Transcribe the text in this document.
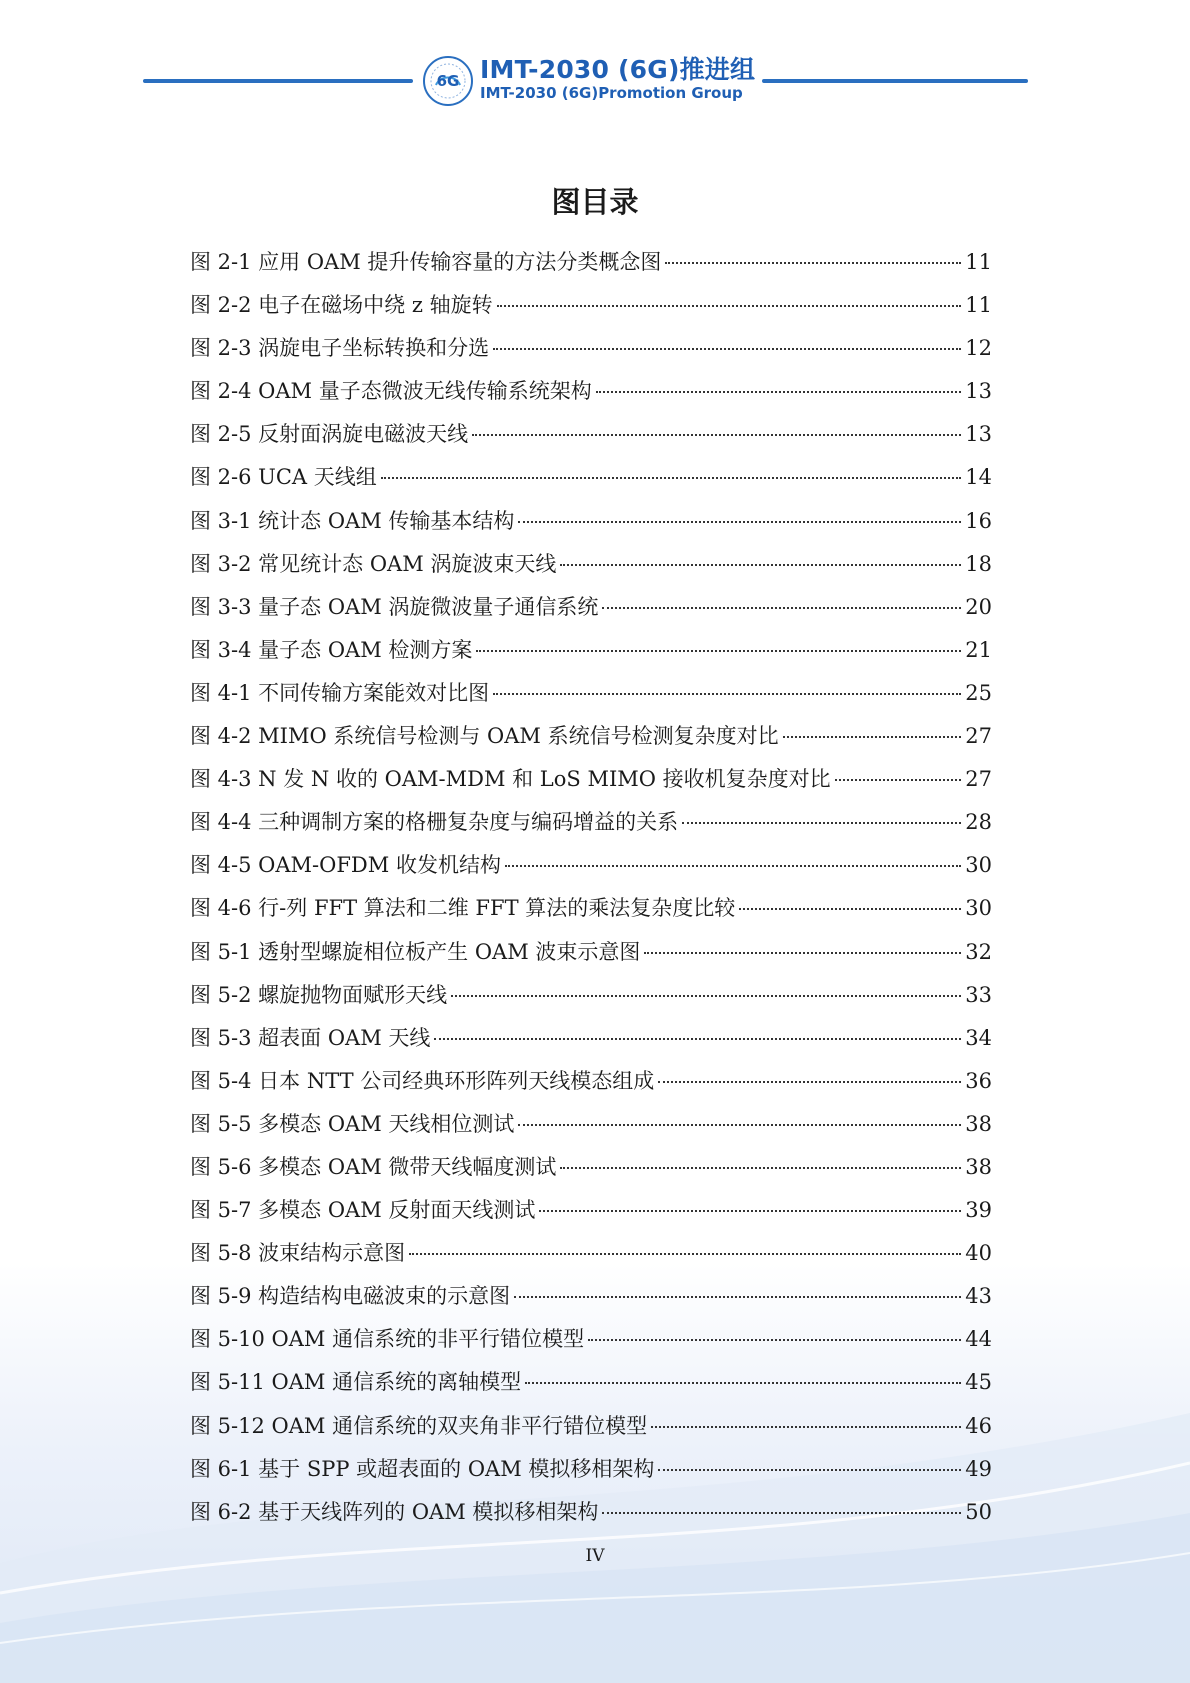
6G IMT-2030 (6G)推进组
IMT-2030 (6G)Promotion Group
图目录
图 2-1 应用 OAM 提升传输容量的方法分类概念图	11
图 2-2 电子在磁场中绕 z 轴旋转	11
图 2-3 涡旋电子坐标转换和分选	12
图 2-4 OAM 量子态微波无线传输系统架构	13
图 2-5 反射面涡旋电磁波天线	13
图 2-6 UCA 天线组	14
图 3-1 统计态 OAM 传输基本结构	16
图 3-2 常见统计态 OAM 涡旋波束天线	18
图 3-3 量子态 OAM 涡旋微波量子通信系统	20
图 3-4 量子态 OAM 检测方案	21
图 4-1 不同传输方案能效对比图	25
图 4-2 MIMO 系统信号检测与 OAM 系统信号检测复杂度对比	27
图 4-3 N 发 N 收的 OAM-MDM 和 LoS MIMO 接收机复杂度对比	27
图 4-4 三种调制方案的格栅复杂度与编码增益的关系	28
图 4-5 OAM-OFDM 收发机结构	30
图 4-6 行-列 FFT 算法和二维 FFT 算法的乘法复杂度比较	30
图 5-1 透射型螺旋相位板产生 OAM 波束示意图	32
图 5-2 螺旋抛物面赋形天线	33
图 5-3 超表面 OAM 天线	34
图 5-4 日本 NTT 公司经典环形阵列天线模态组成	36
图 5-5 多模态 OAM 天线相位测试	38
图 5-6 多模态 OAM 微带天线幅度测试	38
图 5-7 多模态 OAM 反射面天线测试	39
图 5-8 波束结构示意图	40
图 5-9 构造结构电磁波束的示意图	43
图 5-10 OAM 通信系统的非平行错位模型	44
图 5-11 OAM 通信系统的离轴模型	45
图 5-12 OAM 通信系统的双夹角非平行错位模型	46
图 6-1 基于 SPP 或超表面的 OAM 模拟移相架构	49
图 6-2 基于天线阵列的 OAM 模拟移相架构	50
IV
